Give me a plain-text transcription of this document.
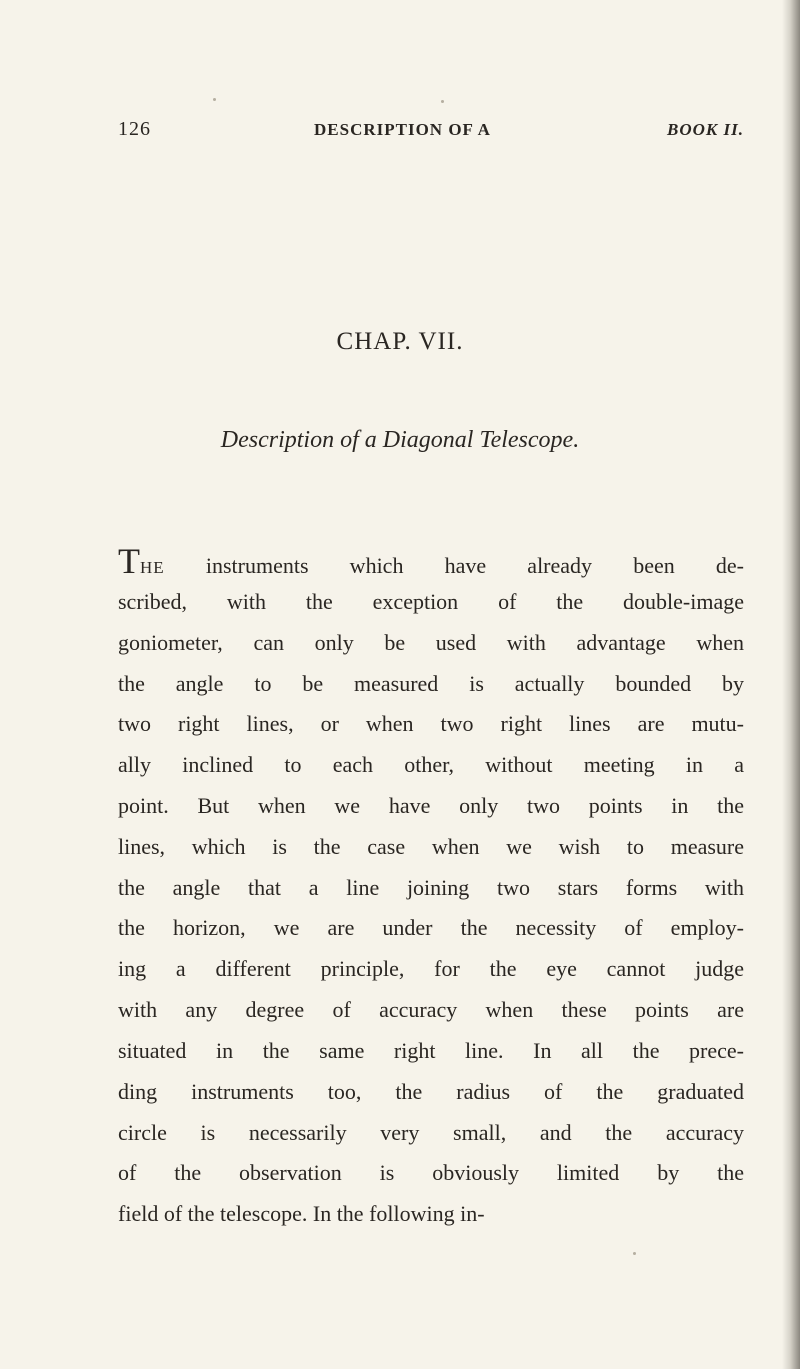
126	DESCRIPTION OF A	BOOK II.
CHAP. VII.
Description of a Diagonal Telescope.
THE instruments which have already been de-
scribed, with the exception of the double-image
goniometer, can only be used with advantage when
the angle to be measured is actually bounded by
two right lines, or when two right lines are mutu-
ally inclined to each other, without meeting in a
point. But when we have only two points in the
lines, which is the case when we wish to measure
the angle that a line joining two stars forms with
the horizon, we are under the necessity of employ-
ing a different principle, for the eye cannot judge
with any degree of accuracy when these points are
situated in the same right line. In all the prece-
ding instruments too, the radius of the graduated
circle is necessarily very small, and the accuracy
of the observation is obviously limited by the
field of the telescope. In the following in-
